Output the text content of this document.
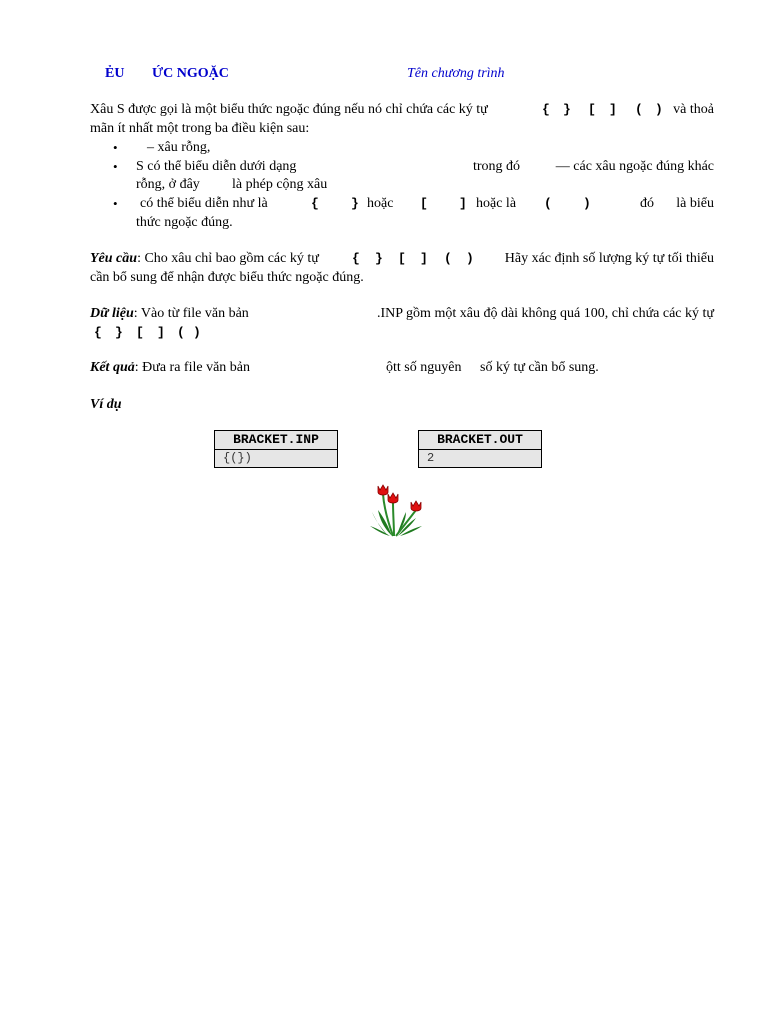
ẺU ỨC NGOẶC	Tên chương trình
Xâu S được gọi là một biểu thức ngoặc đúng nếu nó chỉ chứa các ký tự	{ } [ ] ( ) và thoả
mãn ít nhất một trong ba điều kiện sau:
• – xâu rỗng,
• S có thể biểu diễn dưới dạng	trong đó	— các xâu ngoặc đúng khác
rỗng, ở đây là phép cộng xâu
• có thể biểu diễn như là	{ } hoặc [ ] hoặc là ( )	đó là biểu
thức ngoặc đúng.
Yêu cầu: Cho xâu chỉ bao gồm các ký tự	{ } [ ] ( ) Hãy xác định số lượng ký tự tối thiểu
cần bổ sung để nhận được biểu thức ngoặc đúng.
Dữ liệu: Vào từ file văn bản	.INP gồm một xâu độ dài không quá 100, chỉ chứa các ký tự
{ } [ ] ( )
Kết quả: Đưa ra file văn bản	ộtt số nguyên số ký tự cần bổ sung.
Ví dụ
BRACKET.INP
{(})
BRACKET.OUT
2
